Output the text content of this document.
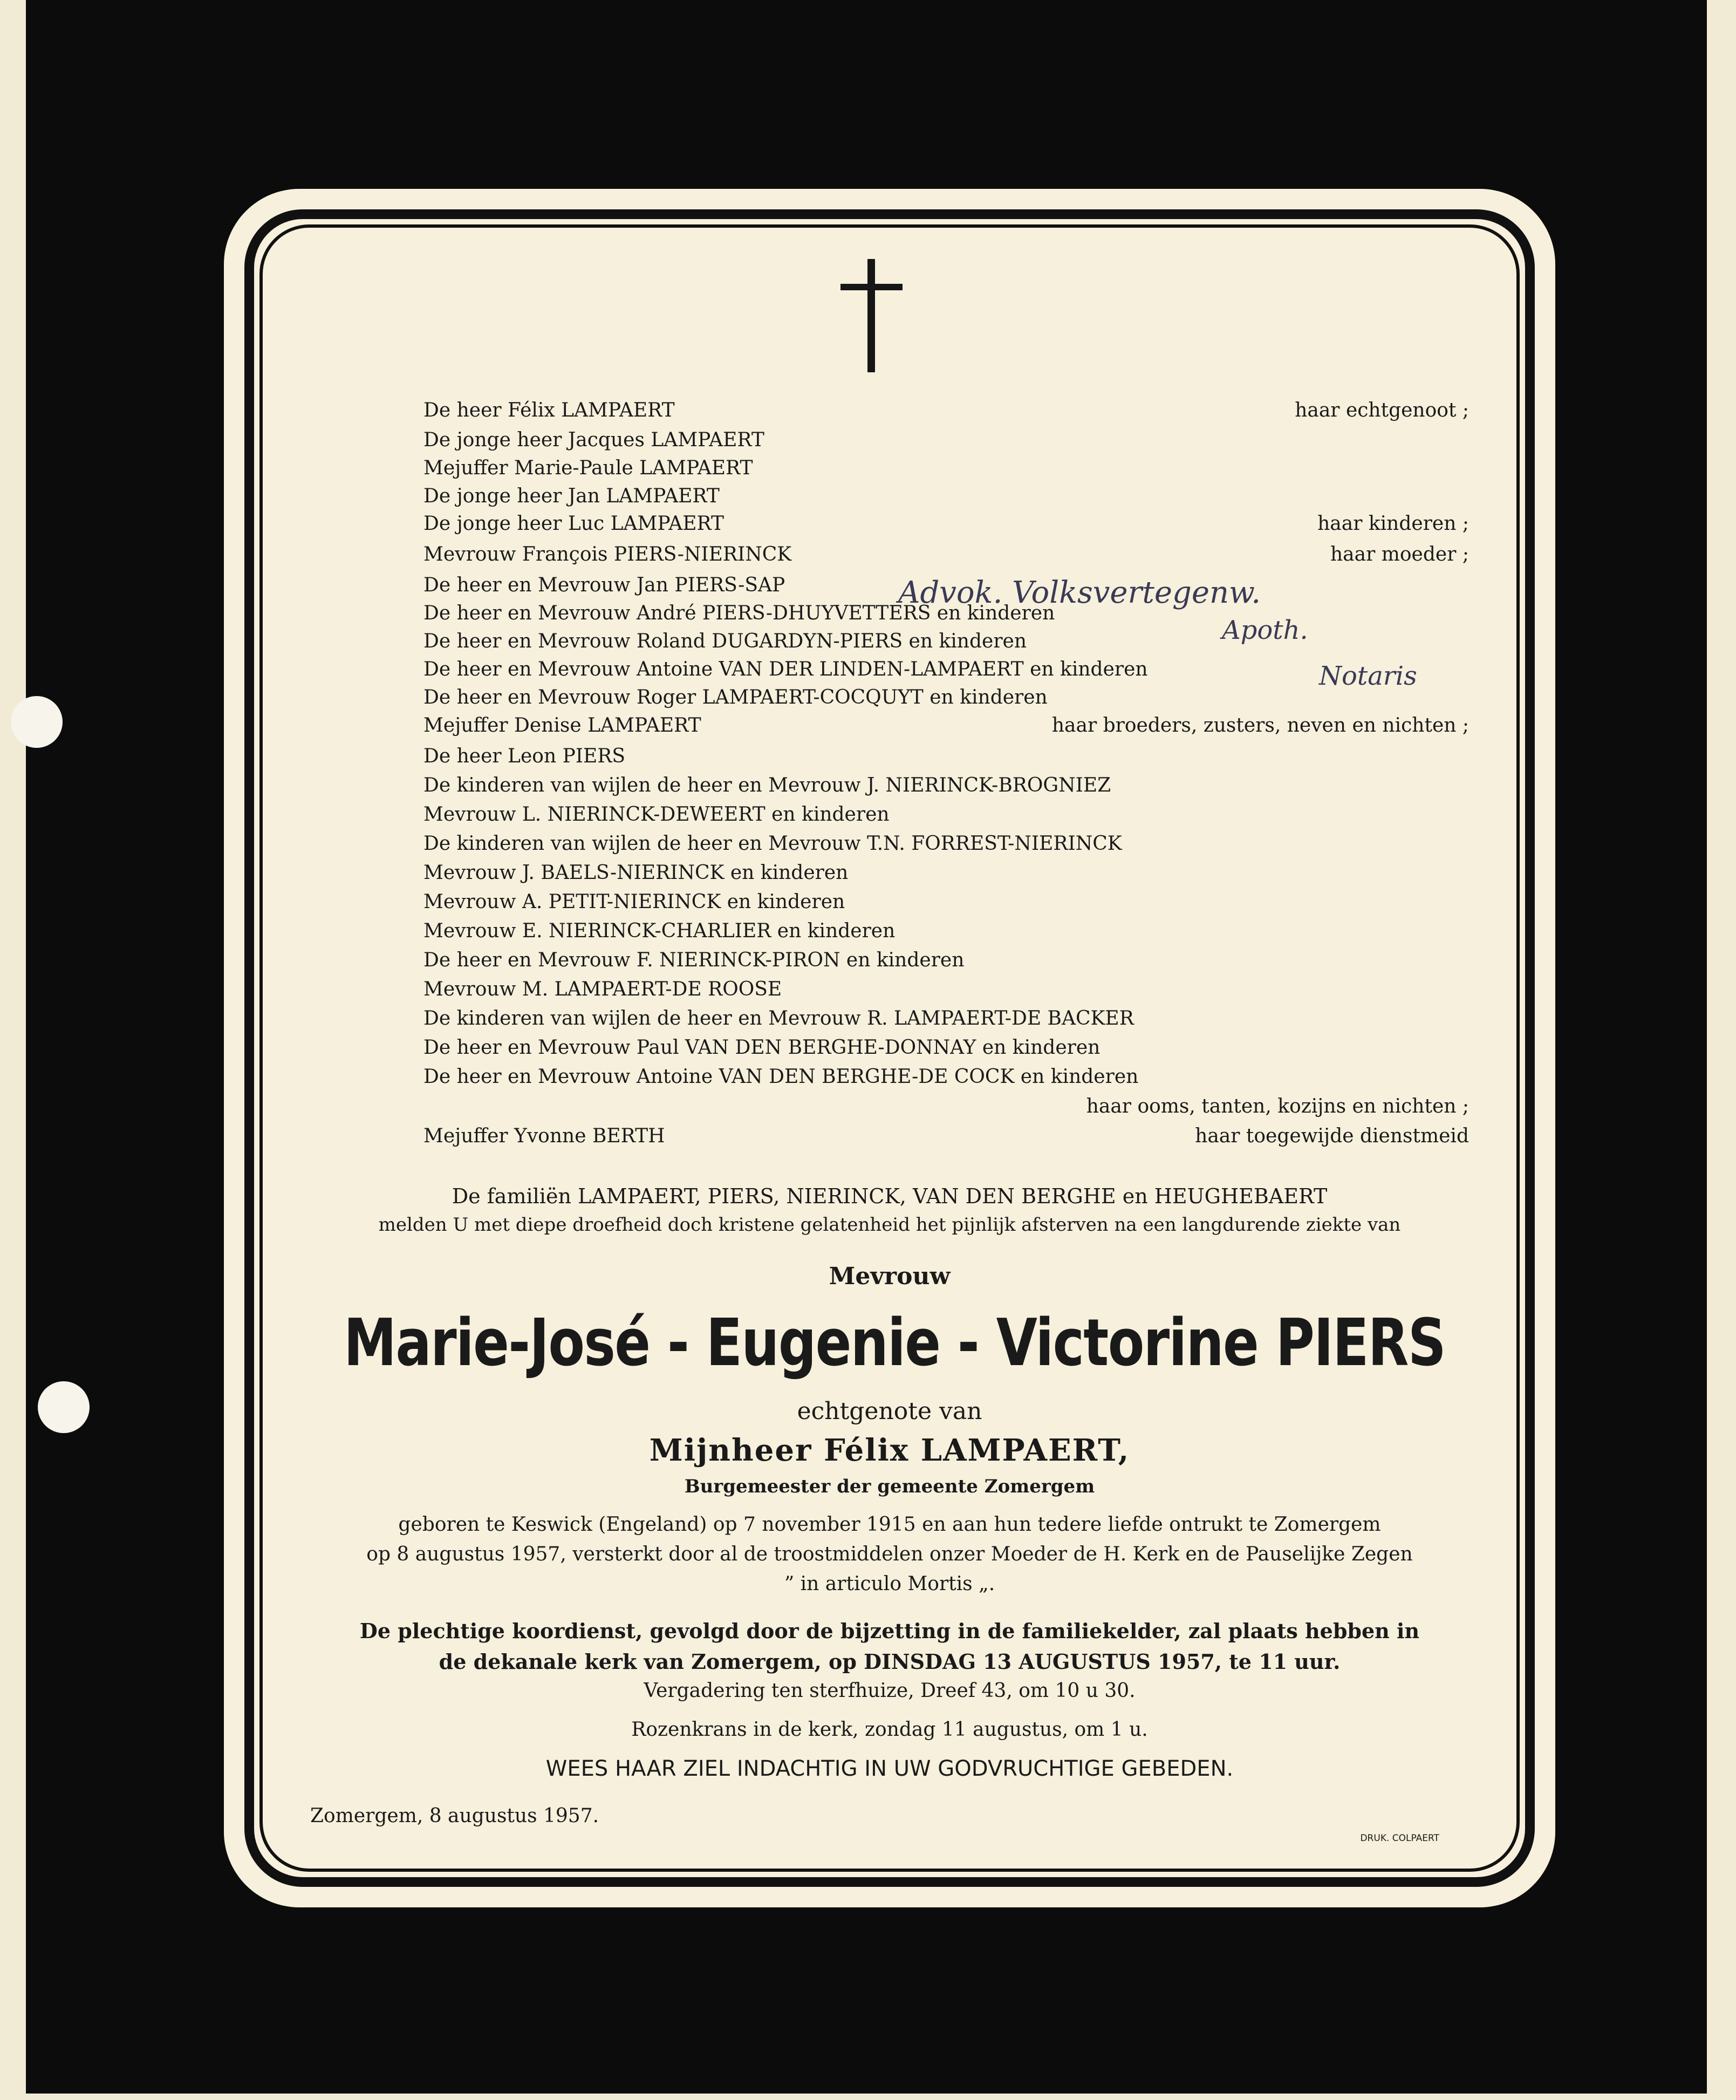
De heer Félix LAMPAERT	haar echtgenoot ;
De jonge heer Jacques LAMPAERT
Mejuffer Marie-Paule LAMPAERT
De jonge heer Jan LAMPAERT
De jonge heer Luc LAMPAERT	haar kinderen ;
Mevrouw François PIERS-NIERINCK	haar moeder ;
De heer en Mevrouw Jan PIERS-SAP
De heer en Mevrouw André PIERS-DHUYVETTERS en kinderen
De heer en Mevrouw Roland DUGARDYN-PIERS en kinderen
De heer en Mevrouw Antoine VAN DER LINDEN-LAMPAERT en kinderen
De heer en Mevrouw Roger LAMPAERT-COCQUYT en kinderen
Mejuffer Denise LAMPAERT	haar broeders, zusters, neven en nichten ;
De heer Leon PIERS
De kinderen van wijlen de heer en Mevrouw J. NIERINCK-BROGNIEZ
Mevrouw L. NIERINCK-DEWEERT en kinderen
De kinderen van wijlen de heer en Mevrouw T.N. FORREST-NIERINCK
Mevrouw J. BAELS-NIERINCK en kinderen
Mevrouw A. PETIT-NIERINCK en kinderen
Mevrouw E. NIERINCK-CHARLIER en kinderen
De heer en Mevrouw F. NIERINCK-PIRON en kinderen
Mevrouw M. LAMPAERT-DE ROOSE
De kinderen van wijlen de heer en Mevrouw R. LAMPAERT-DE BACKER
De heer en Mevrouw Paul VAN DEN BERGHE-DONNAY en kinderen
De heer en Mevrouw Antoine VAN DEN BERGHE-DE COCK en kinderen
haar ooms, tanten, kozijns en nichten ;
Mejuffer Yvonne BERTH	haar toegewijde dienstmeid
De familiën LAMPAERT, PIERS, NIERINCK, VAN DEN BERGHE en HEUGHEBAERT
melden U met diepe droefheid doch kristene gelatenheid het pijnlijk afsterven na een langdurende ziekte van
Mevrouw
Marie-José - Eugenie - Victorine PIERS
echtgenote van
Mijnheer Félix LAMPAERT,
Burgemeester der gemeente Zomergem
geboren te Keswick (Engeland) op 7 november 1915 en aan hun tedere liefde ontrukt te Zomergem
op 8 augustus 1957, versterkt door al de troostmiddelen onzer Moeder de H. Kerk en de Pauselijke Zegen
” in articulo Mortis „.
De plechtige koordienst, gevolgd door de bijzetting in de familiekelder, zal plaats hebben in
de dekanale kerk van Zomergem, op DINSDAG 13 AUGUSTUS 1957, te 11 uur.
Vergadering ten sterfhuize, Dreef 43, om 10 u 30.
Rozenkrans in de kerk, zondag 11 augustus, om 1 u.
WEES HAAR ZIEL INDACHTIG IN UW GODVRUCHTIGE GEBEDEN.
Zomergem, 8 augustus 1957.
DRUK. COLPAERT
Advok. Volksvertegenw.
Apoth.
Notaris
